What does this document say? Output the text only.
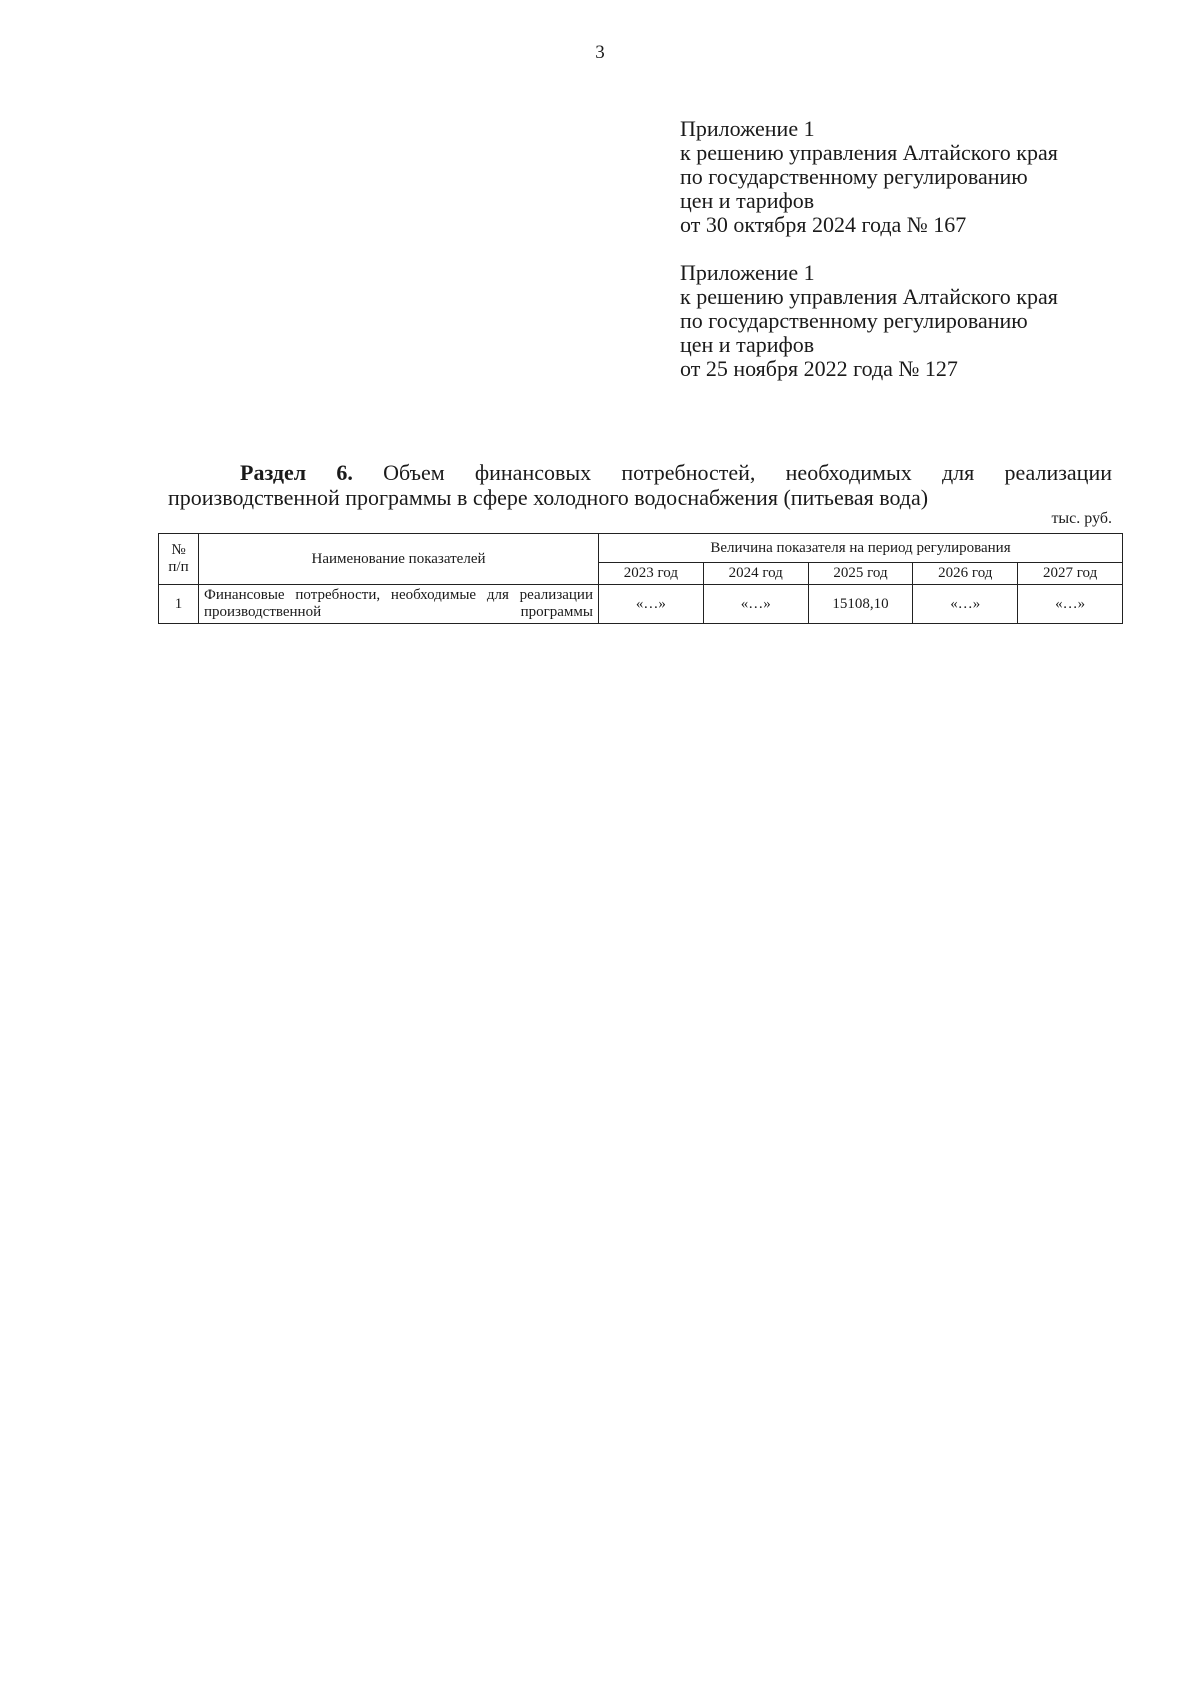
3
Приложение 1
к решению управления Алтайского края
по государственному регулированию
цен и тарифов
от 30 октября 2024 года № 167
Приложение 1
к решению управления Алтайского края
по государственному регулированию
цен и тарифов
от 25 ноября 2022 года № 127
Раздел 6. Объем финансовых потребностей, необходимых для реализации производственной программы в сфере холодного водоснабжения (питьевая вода)
тыс. руб.
№ п/п	Наименование показателей	Величина показателя на период регулирования				
		2023 год	2024 год	2025 год	2026 год	2027 год
1	Финансовые потребности, необходимые для реализации производственной программы	«…»	«…»	15108,10	«…»	«…»
